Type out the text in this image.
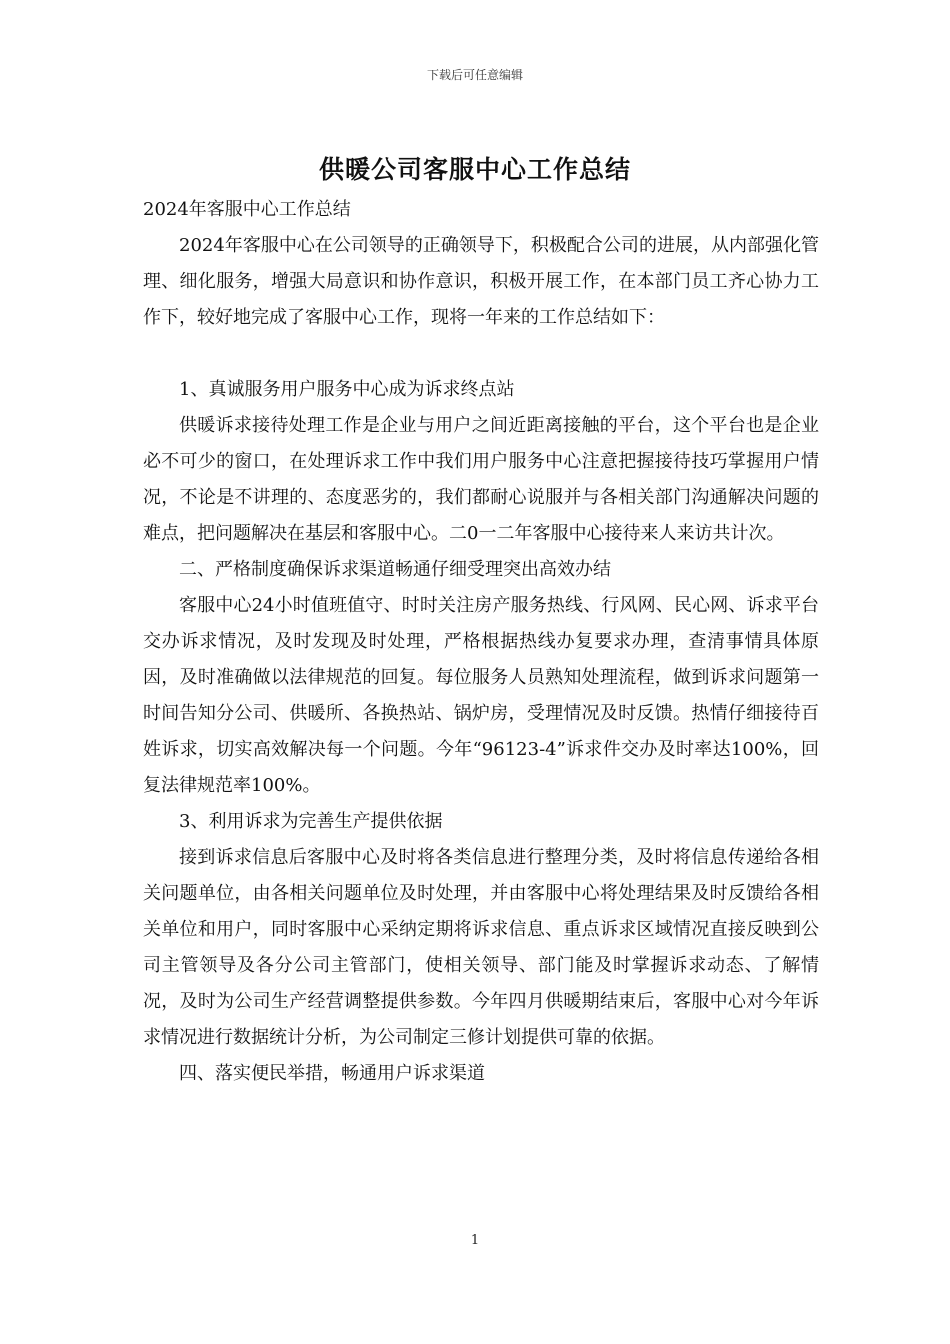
下载后可任意编辑
供暖公司客服中心工作总结

2024年客服中心工作总结

2024年客服中心在公司领导的正确领导下，积极配合公司的进展，从内部强化管理、细化服务，增强大局意识和协作意识，积极开展工作，在本部门员工齐心协力工作下，较好地完成了客服中心工作，现将一年来的工作总结如下：

1、真诚服务用户服务中心成为诉求终点站

供暖诉求接待处理工作是企业与用户之间近距离接触的平台，这个平台也是企业必不可少的窗口，在处理诉求工作中我们用户服务中心注意把握接待技巧掌握用户情况，不论是不讲理的、态度恶劣的，我们都耐心说服并与各相关部门沟通解决问题的难点，把问题解决在基层和客服中心。二0一二年客服中心接待来人来访共计次。

二、严格制度确保诉求渠道畅通仔细受理突出高效办结

客服中心24小时值班值守、时时关注房产服务热线、行风网、民心网、诉求平台交办诉求情况，及时发现及时处理，严格根据热线办复要求办理，查清事情具体原因，及时准确做以法律规范的回复。每位服务人员熟知处理流程，做到诉求问题第一时间告知分公司、供暖所、各换热站、锅炉房，受理情况及时反馈。热情仔细接待百姓诉求，切实高效解决每一个问题。今年“96123-4”诉求件交办及时率达100%，回复法律规范率100%。

3、利用诉求为完善生产提供依据

接到诉求信息后客服中心及时将各类信息进行整理分类，及时将信息传递给各相关问题单位，由各相关问题单位及时处理，并由客服中心将处理结果及时反馈给各相关单位和用户，同时客服中心采纳定期将诉求信息、重点诉求区域情况直接反映到公司主管领导及各分公司主管部门，使相关领导、部门能及时掌握诉求动态、了解情况，及时为公司生产经营调整提供参数。今年四月供暖期结束后，客服中心对今年诉求情况进行数据统计分析，为公司制定三修计划提供可靠的依据。

四、落实便民举措，畅通用户诉求渠道

1
